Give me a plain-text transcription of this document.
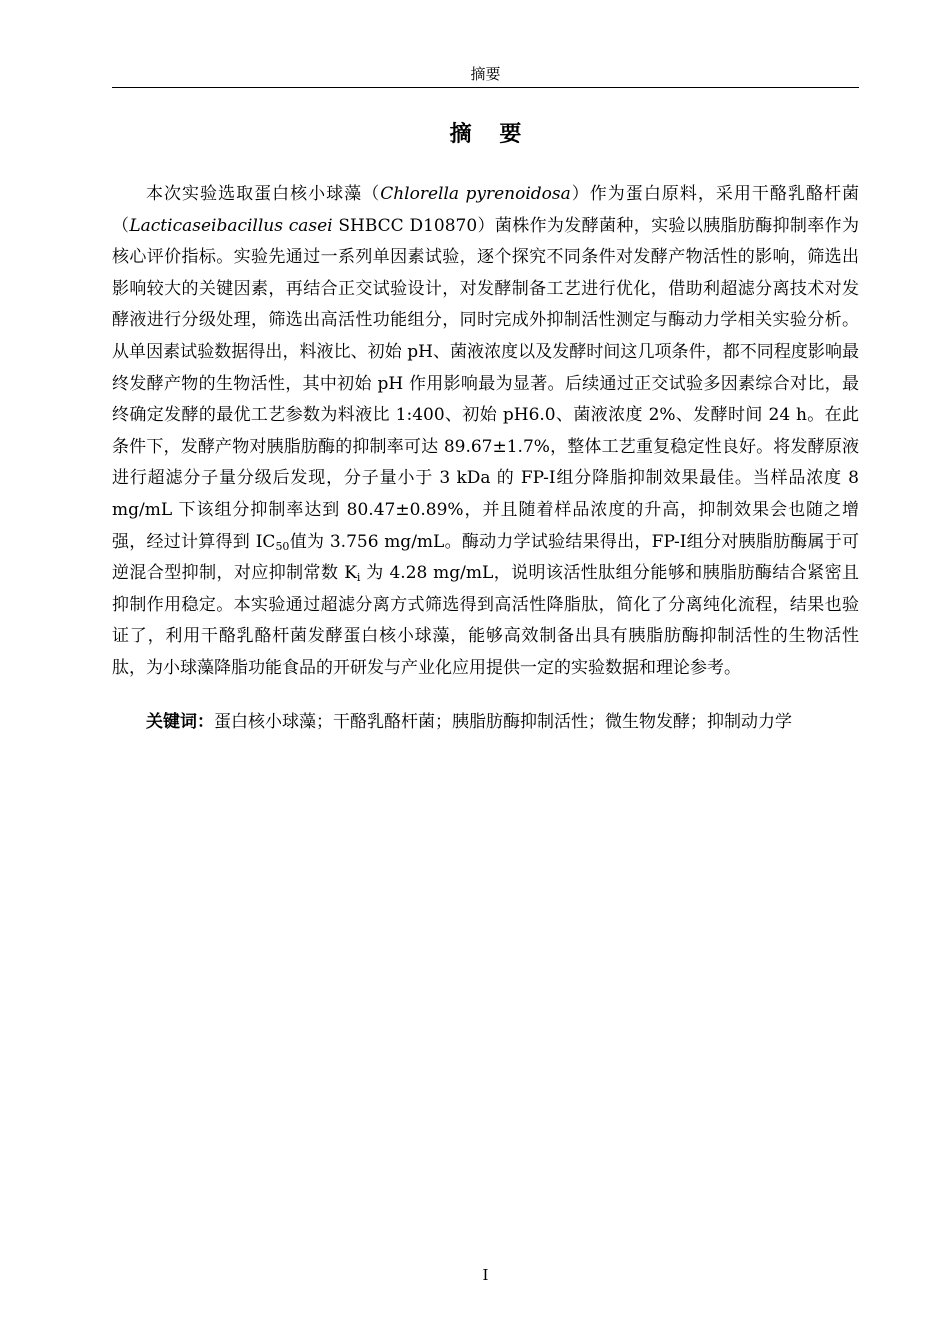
摘要
摘 要

本次实验选取蛋白核小球藻（Chlorella pyrenoidosa）作为蛋白原料，采用干酪乳酪杆菌（Lacticaseibacillus casei SHBCC D10870）菌株作为发酵菌种，实验以胰脂肪酶抑制率作为核心评价指标。实验先通过一系列单因素试验，逐个探究不同条件对发酵产物活性的影响，筛选出影响较大的关键因素，再结合正交试验设计，对发酵制备工艺进行优化，借助利超滤分离技术对发酵液进行分级处理，筛选出高活性功能组分，同时完成外抑制活性测定与酶动力学相关实验分析。从单因素试验数据得出，料液比、初始 pH、菌液浓度以及发酵时间这几项条件，都不同程度影响最终发酵产物的生物活性，其中初始 pH 作用影响最为显著。后续通过正交试验多因素综合对比，最终确定发酵的最优工艺参数为料液比 1:400、初始 pH6.0、菌液浓度 2%、发酵时间 24 h。在此条件下，发酵产物对胰脂肪酶的抑制率可达 89.67±1.7%，整体工艺重复稳定性良好。将发酵原液进行超滤分子量分级后发现，分子量小于 3 kDa 的 FP-I组分降脂抑制效果最佳。当样品浓度 8 mg/mL 下该组分抑制率达到 80.47±0.89%，并且随着样品浓度的升高，抑制效果会也随之增强，经过计算得到 $IC_{50}$值为 3.756 mg/mL。酶动力学试验结果得出，FP-I组分对胰脂肪酶属于可逆混合型抑制，对应抑制常数 $K_i$ 为 4.28 mg/mL，说明该活性肽组分能够和胰脂肪酶结合紧密且抑制作用稳定。本实验通过超滤分离方式筛选得到高活性降脂肽，简化了分离纯化流程，结果也验证了，利用干酪乳酪杆菌发酵蛋白核小球藻，能够高效制备出具有胰脂肪酶抑制活性的生物活性肽，为小球藻降脂功能食品的开研发与产业化应用提供一定的实验数据和理论参考。

关键词：蛋白核小球藻；干酪乳酪杆菌；胰脂肪酶抑制活性；微生物发酵；抑制动力学

I
